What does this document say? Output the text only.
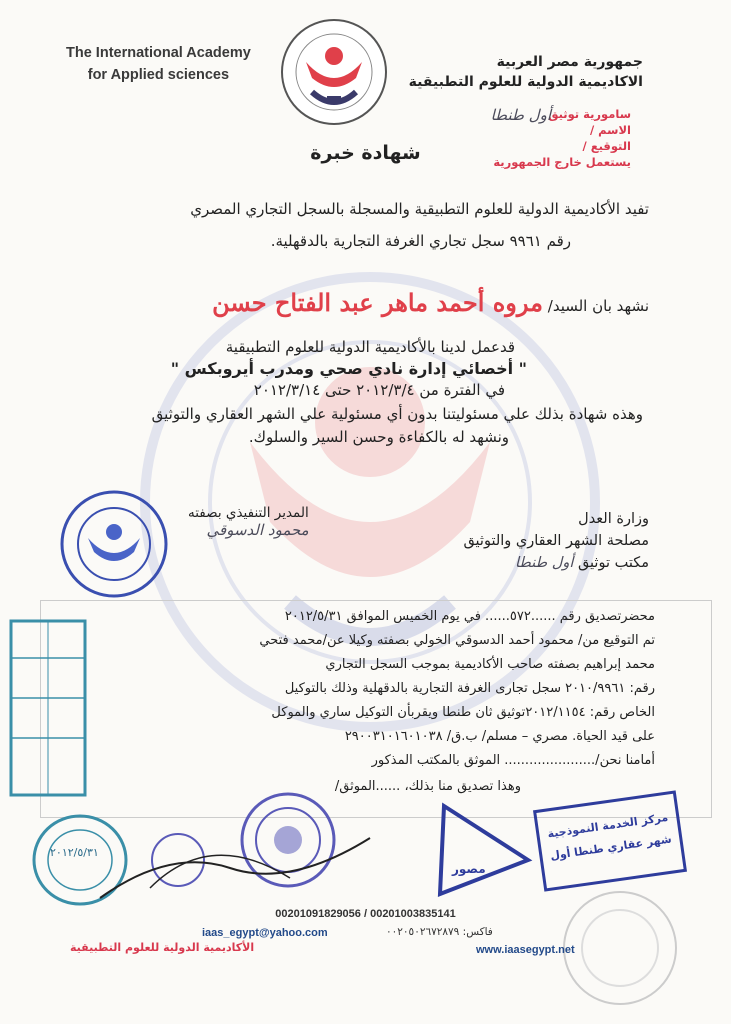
The International Academy
for Applied sciences
جمهورية مصر العربية
الاكاديمية الدولية للعلوم التطبيقية
سامورية توثيق
الاسم /
التوقيع /
يستعمل خارج الجمهورية
أول طنطا
شهادة خبرة
تفيد الأكاديمية الدولية للعلوم التطبيقية والمسجلة بالسجل التجاري المصري
رقم ٩٩٦١ سجل تجاري الغرفة التجارية بالدقهلية.
نشهد بان السيد/ مروه أحمد ماهر عبد الفتاح حسن
قدعمل لدينا بالأكاديمية الدولية للعلوم التطبيقية
" أخصائي إدارة نادي صحي ومدرب أيروبكس "
في الفترة من ٢٠١٢/٣/٤ حتى ٢٠١٢/٣/١٤
وهذه شهادة بذلك علي مسئوليتنا بدون أي مسئولية علي الشهر العقاري والتوثيق
ونشهد له بالكفاءة وحسن السير والسلوك.
وزارة العدل
مصلحة الشهر العقاري والتوثيق
مكتب توثيق أول طنطا
المدير التنفيذي بصفته
محمود الدسوقي
محضرتصديق رقم ......٥٧٢...... في يوم الخميس الموافق ٢٠١٢/٥/٣١
تم التوقيع من/ محمود أحمد الدسوقي الخولي بصفته وكيلا عن/محمد فتحي
محمد إبراهيم بصفته صاحب الأكاديمية بموجب السجل التجاري
رقم: ٢٠١٠/٩٩٦١ سجل تجارى الغرفة التجارية بالدقهلية وذلك بالتوكيل
الخاص رقم: ٢٠١٢/١١٥٤توثيق ثان طنطا ويقربأن التوكيل ساري والموكل
على قيد الحياة. مصري – مسلم/ ب.ق/ ٢٩٠٠٣١٠١٦٠١٠٣٨
أمامنا نحن/...................... الموثق بالمكتب المذكور
وهذا تصديق منا بذلك، ......الموثق/
٢٠١٢/٥/٣١
مصور
مركز الخدمة النموذجية
شهر عقاري طنطا أول
00201091829056 / 00201003835141
iaas_egypt@yahoo.com	فاكس: ٠٠٢٠٥٠٢٦٧٢٨٧٩
الأكاديمية الدولية للعلوم التطبيقية	www.iaasegypt.net
